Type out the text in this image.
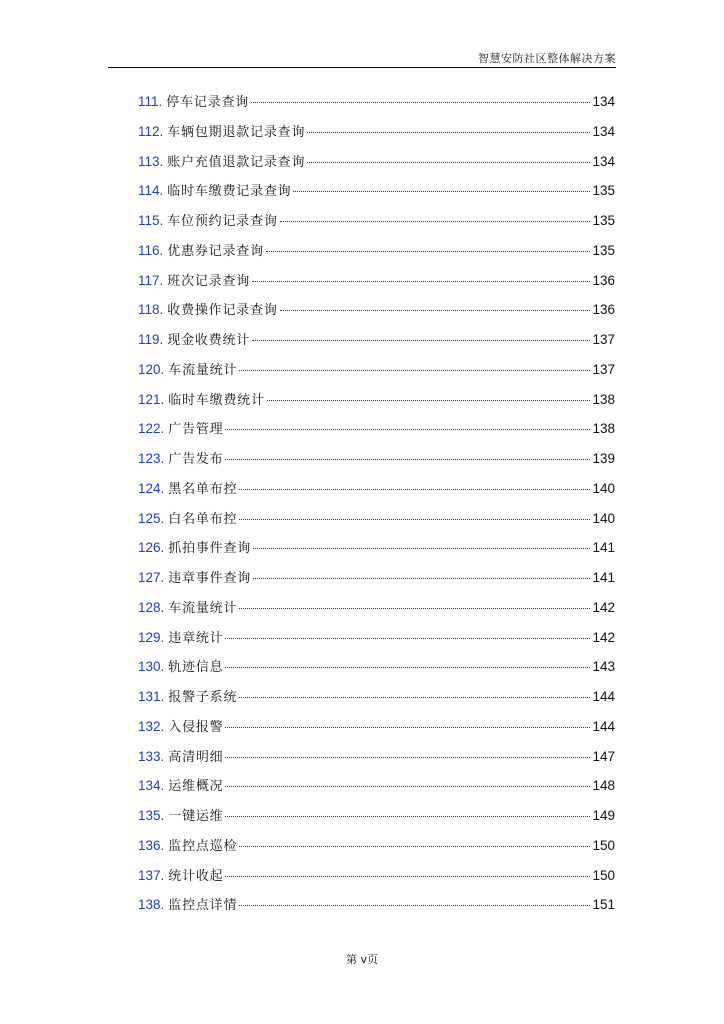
智慧安防社区整体解决方案
111. 停车记录查询	134
112. 车辆包期退款记录查询	134
113. 账户充值退款记录查询	134
114. 临时车缴费记录查询	135
115. 车位预约记录查询	135
116. 优惠券记录查询	135
117. 班次记录查询	136
118. 收费操作记录查询	136
119. 现金收费统计	137
120. 车流量统计	137
121. 临时车缴费统计	138
122. 广告管理	138
123. 广告发布	139
124. 黑名单布控	140
125. 白名单布控	140
126. 抓拍事件查询	141
127. 违章事件查询	141
128. 车流量统计	142
129. 违章统计	142
130. 轨迹信息	143
131. 报警子系统	144
132. 入侵报警	144
133. 高清明细	147
134. 运维概况	148
135. 一键运维	149
136. 监控点巡检	150
137. 统计收起	150
138. 监控点详情	151
第 v页
